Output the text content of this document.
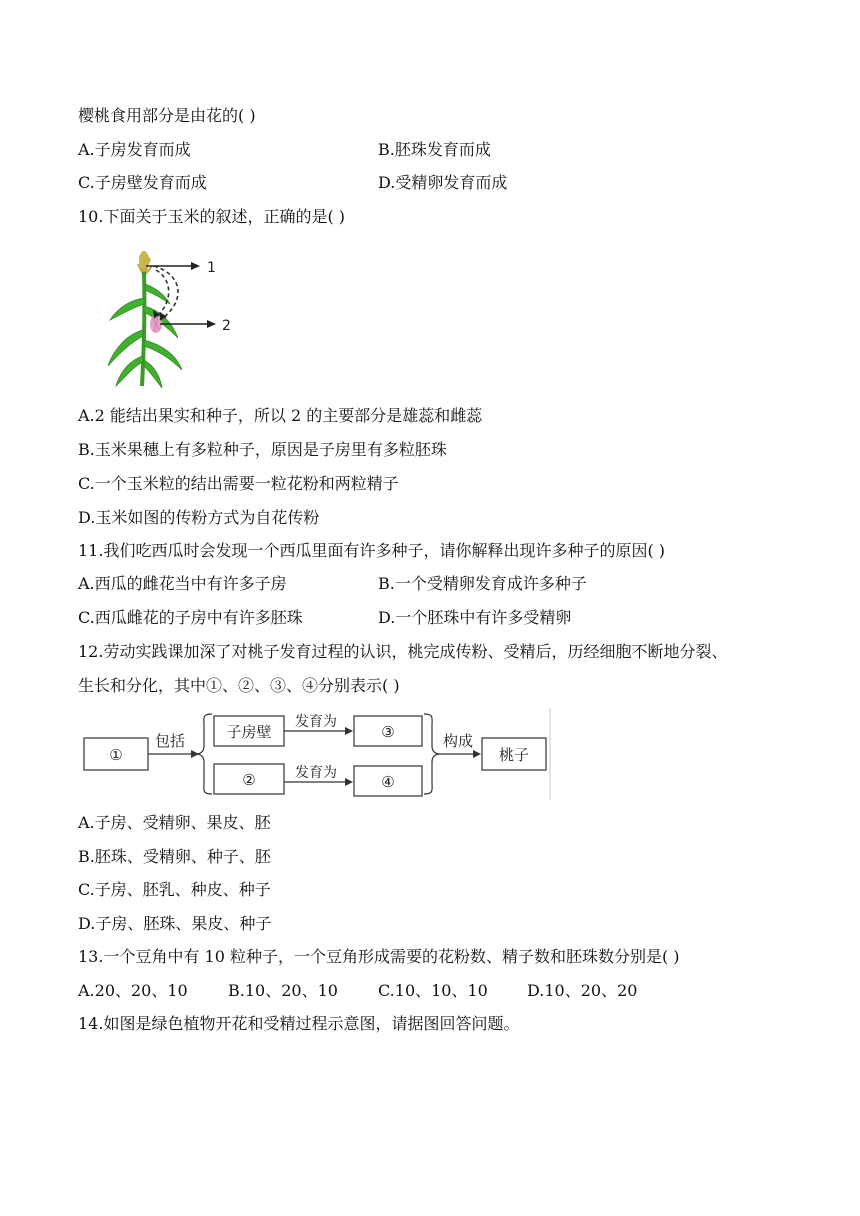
樱桃食用部分是由花的( )
A.子房发育而成	B.胚珠发育而成
C.子房壁发育而成	D.受精卵发育而成
10.下面关于玉米的叙述，正确的是( )
1
2
A.2 能结出果实和种子，所以 2 的主要部分是雄蕊和雌蕊
B.玉米果穗上有多粒种子，原因是子房里有多粒胚珠
C.一个玉米粒的结出需要一粒花粉和两粒精子
D.玉米如图的传粉方式为自花传粉
11.我们吃西瓜时会发现一个西瓜里面有许多种子，请你解释出现许多种子的原因( )
A.西瓜的雌花当中有许多子房	B.一个受精卵发育成许多种子
C.西瓜雌花的子房中有许多胚珠	D.一个胚珠中有许多受精卵
12.劳动实践课加深了对桃子发育过程的认识，桃完成传粉、受精后，历经细胞不断地分裂、
生长和分化，其中①、②、③、④分别表示( )
①
包括	子房壁
发育为
③
②	发育为	④
构成
桃子
A.子房、受精卵、果皮、胚
B.胚珠、受精卵、种子、胚
C.子房、胚乳、种皮、种子
D.子房、胚珠、果皮、种子
13.一个豆角中有 10 粒种子，一个豆角形成需要的花粉数、精子数和胚珠数分别是( )
A.20、20、10	B.10、20、10	C.10、10、10 D.10、20、20
14.如图是绿色植物开花和受精过程示意图，请据图回答问题。
